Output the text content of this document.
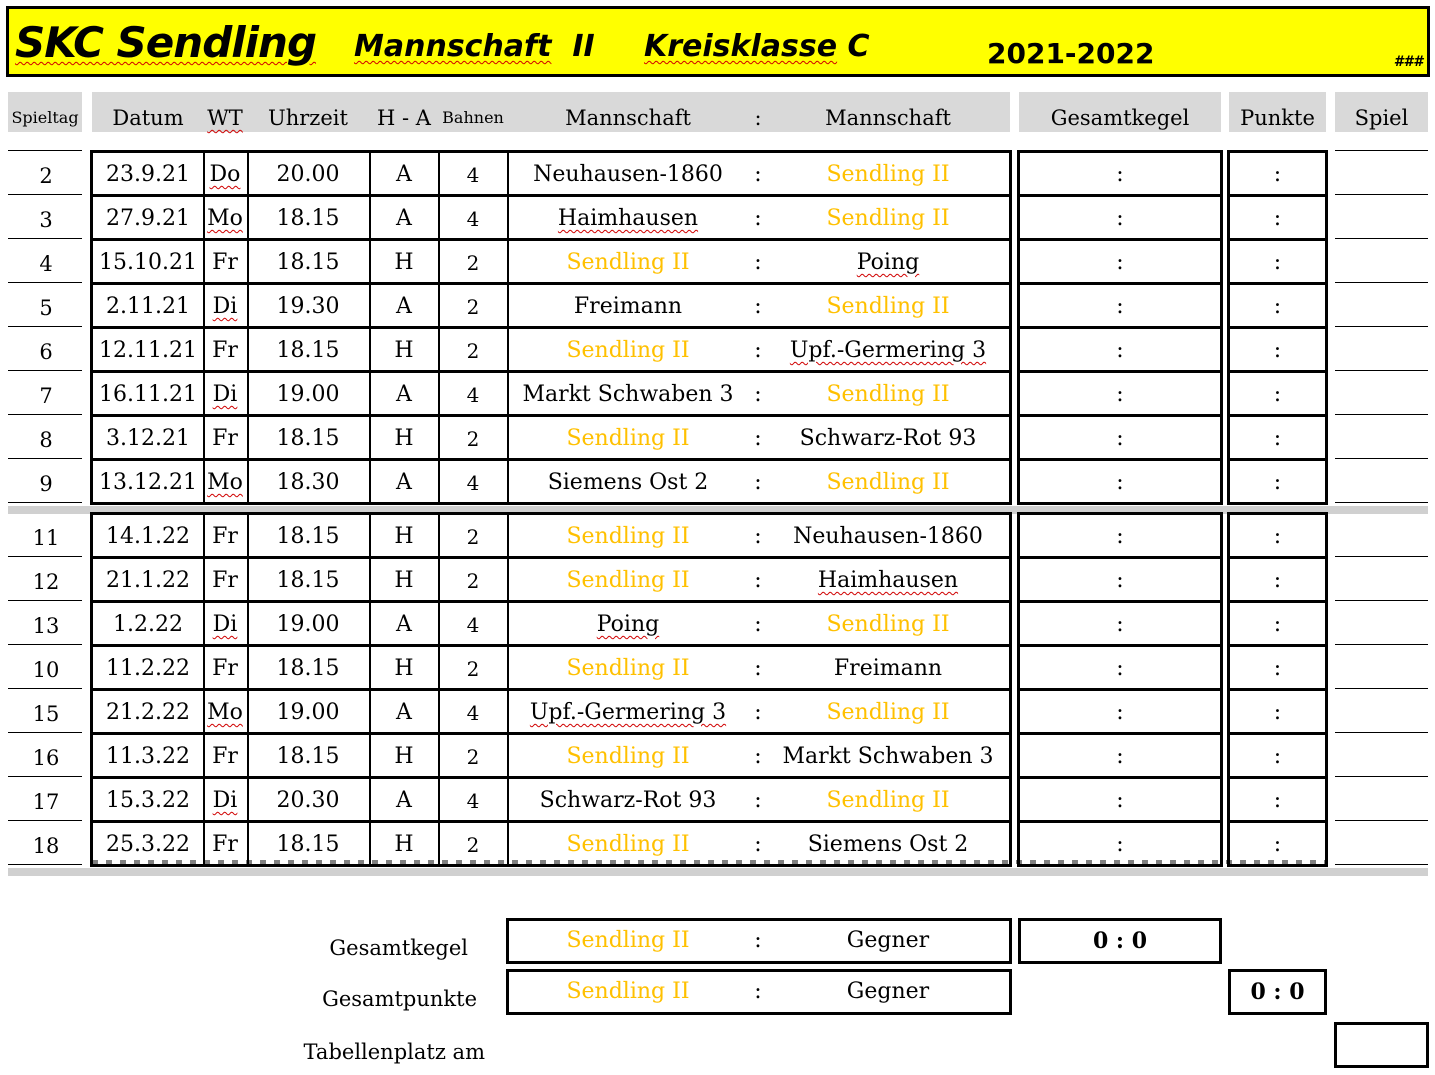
SKC Sendling Mannschaft  II Kreisklasse C	2021-2022	###
Spieltag	Datum	WT	Uhrzeit	H - A Bahnen	Mannschaft	:	Mannschaft	Gesamtkegel	Punkte	Spiel
2	23.9.21 Do	20.00	A	4	Neuhausen-1860	:	Sendling II	:	:
3	27.9.21 Mo	18.15	A	4	Haimhausen	:	Sendling II	:	:
4	15.10.21 Fr	18.15	H	2	Sendling II	:	Poing	:	:
5	2.11.21	Di	19.30	A	2	Freimann	:	Sendling II	:	:
6	12.11.21 Fr	18.15	H	2	Sendling II	:	Upf.-Germering 3	:	:
7	16.11.21 Di	19.00	A	4	Markt Schwaben 3 :	Sendling II	:	:
8	3.12.21	Fr	18.15	H	2	Sendling II	:	Schwarz-Rot 93	:	:
9	13.12.21 Mo	18.30	A	4	Siemens Ost 2	:	Sendling II	:	:
11	14.1.22	Fr	18.15	H	2	Sendling II	:	Neuhausen-1860	:	:
12	21.1.22	Fr	18.15	H	2	Sendling II	:	Haimhausen	:	:
13	1.2.22	Di	19.00	A	4	Poing	:	Sendling II	:	:
10	11.2.22	Fr	18.15	H	2	Sendling II	:	Freimann	:	:
15	21.2.22 Mo	19.00	A	4	Upf.-Germering 3	:	Sendling II	:	:
16	11.3.22	Fr	18.15	H	2	Sendling II	: Markt Schwaben 3	:	:
17	15.3.22	Di	20.30	A	4	Schwarz-Rot 93	:	Sendling II	:	:
18	25.3.22	Fr	18.15	H	2	Sendling II	:	Siemens Ost 2	:	:
Gesamtkegel	Sendling II	:	Gegner	0 : 0
Gesamtpunkte	Sendling II	:	Gegner	0 : 0
Tabellenplatz am
